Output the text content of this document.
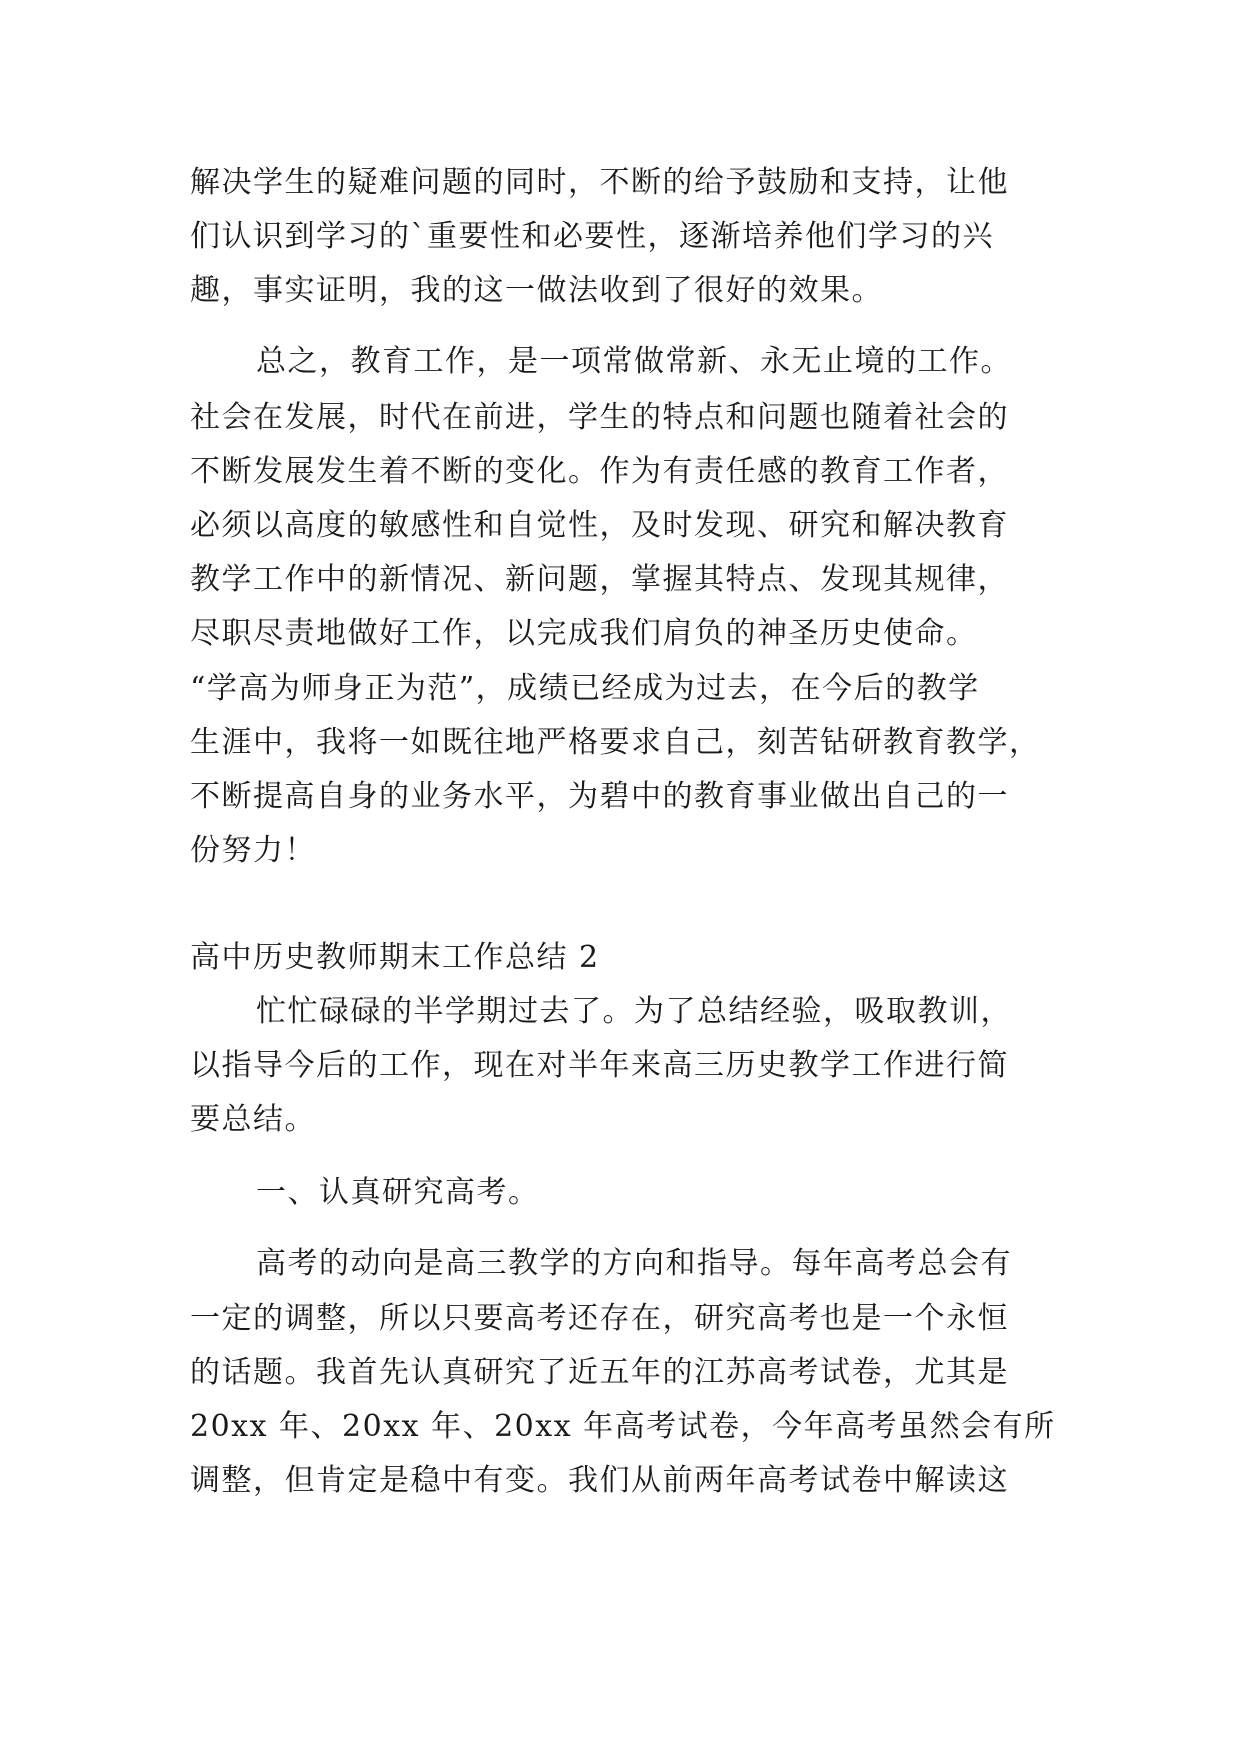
解决学生的疑难问题的同时，不断的给予鼓励和支持，让他
们认识到学习的`重要性和必要性，逐渐培养他们学习的兴
趣，事实证明，我的这一做法收到了很好的效果。
总之，教育工作，是一项常做常新、永无止境的工作。
社会在发展，时代在前进，学生的特点和问题也随着社会的
不断发展发生着不断的变化。作为有责任感的教育工作者，
必须以高度的敏感性和自觉性，及时发现、研究和解决教育
教学工作中的新情况、新问题，掌握其特点、发现其规律，
尽职尽责地做好工作，以完成我们肩负的神圣历史使命。
“学高为师身正为范”，成绩已经成为过去，在今后的教学
生涯中，我将一如既往地严格要求自己，刻苦钻研教育教学，
不断提高自身的业务水平，为碧中的教育事业做出自己的一
份努力！
高中历史教师期末工作总结 2
忙忙碌碌的半学期过去了。为了总结经验，吸取教训，
以指导今后的工作，现在对半年来高三历史教学工作进行简
要总结。
一、认真研究高考。
高考的动向是高三教学的方向和指导。每年高考总会有
一定的调整，所以只要高考还存在，研究高考也是一个永恒
的话题。我首先认真研究了近五年的江苏高考试卷，尤其是
20xx 年、20xx 年、20xx 年高考试卷，今年高考虽然会有所
调整，但肯定是稳中有变。我们从前两年高考试卷中解读这
